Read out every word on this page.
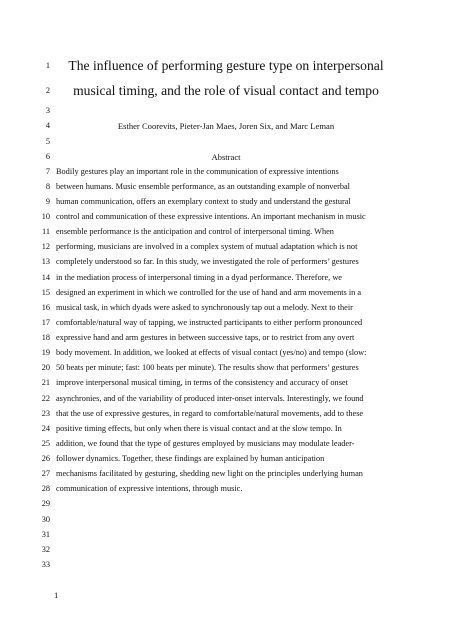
1
2
3
4
5
6
7
8
9
10
11
12
13
14
15
16
17
18
19
20
21
22
23
24
25
26
27
28
29
30
31
32
33
The influence of performing gesture type on interpersonal
musical timing, and the role of visual contact and tempo
Esther Coorevits, Pieter-Jan Maes, Joren Six, and Marc Leman
Abstract
Bodily gestures play an important role in the communication of expressive intentions
between humans. Music ensemble performance, as an outstanding example of nonverbal
human communication, offers an exemplary context to study and understand the gestural
control and communication of these expressive intentions. An important mechanism in music
ensemble performance is the anticipation and control of interpersonal timing. When
performing, musicians are involved in a complex system of mutual adaptation which is not
completely understood so far. In this study, we investigated the role of performers’ gestures
in the mediation process of interpersonal timing in a dyad performance. Therefore, we
designed an experiment in which we controlled for the use of hand and arm movements in a
musical task, in which dyads were asked to synchronously tap out a melody. Next to their
comfortable/natural way of tapping, we instructed participants to either perform pronounced
expressive hand and arm gestures in between successive taps, or to restrict from any overt
body movement. In addition, we looked at effects of visual contact (yes/no) and tempo (slow:
50 beats per minute; fast: 100 beats per minute). The results show that performers’ gestures
improve interpersonal musical timing, in terms of the consistency and accuracy of onset
asynchronies, and of the variability of produced inter-onset intervals. Interestingly, we found
that the use of expressive gestures, in regard to comfortable/natural movements, add to these
positive timing effects, but only when there is visual contact and at the slow tempo. In
addition, we found that the type of gestures employed by musicians may modulate leader-
follower dynamics. Together, these findings are explained by human anticipation
mechanisms facilitated by gesturing, shedding new light on the principles underlying human
communication of expressive intentions, through music.
1
